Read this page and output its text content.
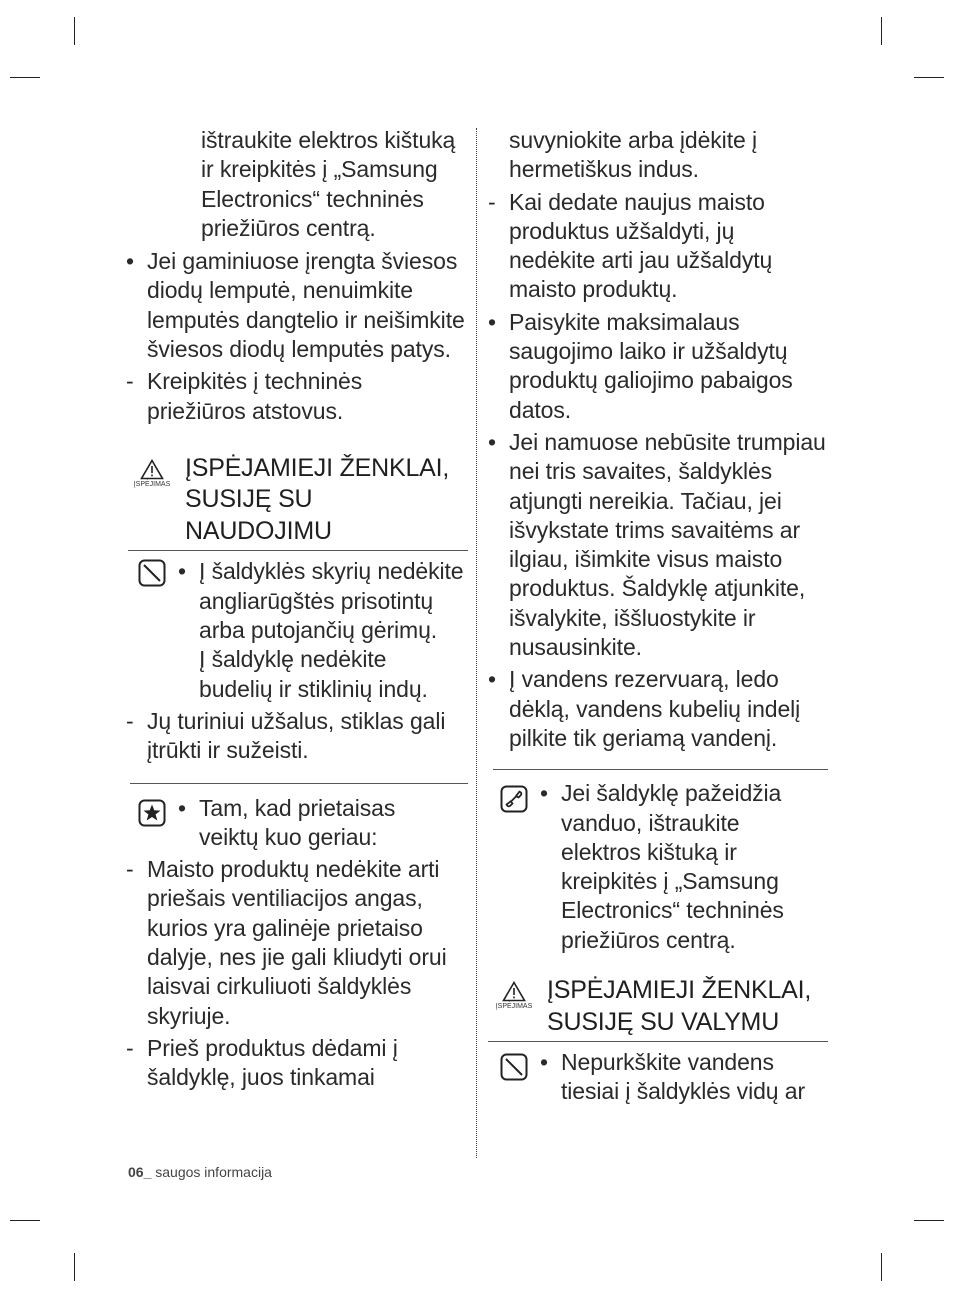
ištraukite elektros kištuką ir kreipkitės į „Samsung Electronics“ techninės priežiūros centrą.
• Jei gaminiuose įrengta šviesos diodų lemputė, nenuimkite lemputės dangtelio ir neišimkite šviesos diodų lemputės patys.
- Kreipkitės į techninės priežiūros atstovus.
ĮSPĖJIMAS
ĮSPĖJAMIEJI ŽENKLAI, SUSIJĘ SU NAUDOJIMU
• Į šaldyklės skyrių nedėkite angliarūgštės prisotintų arba putojančių gėrimų.
Į šaldyklę nedėkite budelių ir stiklinių indų.
- Jų turiniui užšalus, stiklas gali įtrūkti ir sužeisti.
• Tam, kad prietaisas veiktų kuo geriau:
- Maisto produktų nedėkite arti priešais ventiliacijos angas, kurios yra galinėje prietaiso dalyje, nes jie gali kliudyti orui laisvai cirkuliuoti šaldyklės skyriuje.
- Prieš produktus dėdami į šaldyklę, juos tinkamai
suvyniokite arba įdėkite į hermetiškus indus.
- Kai dedate naujus maisto produktus užšaldyti, jų nedėkite arti jau užšaldytų maisto produktų.
• Paisykite maksimalaus saugojimo laiko ir užšaldytų produktų galiojimo pabaigos datos.
• Jei namuose nebūsite trumpiau nei tris savaites, šaldyklės atjungti nereikia. Tačiau, jei išvykstate trims savaitėms ar ilgiau, išimkite visus maisto produktus. Šaldyklę atjunkite, išvalykite, iššluostykite ir nusausinkite.
• Į vandens rezervuarą, ledo dėklą, vandens kubelių indelį pilkite tik geriamą vandenį.
• Jei šaldyklę pažeidžia vanduo, ištraukite elektros kištuką ir kreipkitės į „Samsung Electronics“ techninės priežiūros centrą.
ĮSPĖJIMAS
ĮSPĖJAMIEJI ŽENKLAI, SUSIJĘ SU VALYMU
• Nepurkškite vandens tiesiai į šaldyklės vidų ar
06_ saugos informacija
